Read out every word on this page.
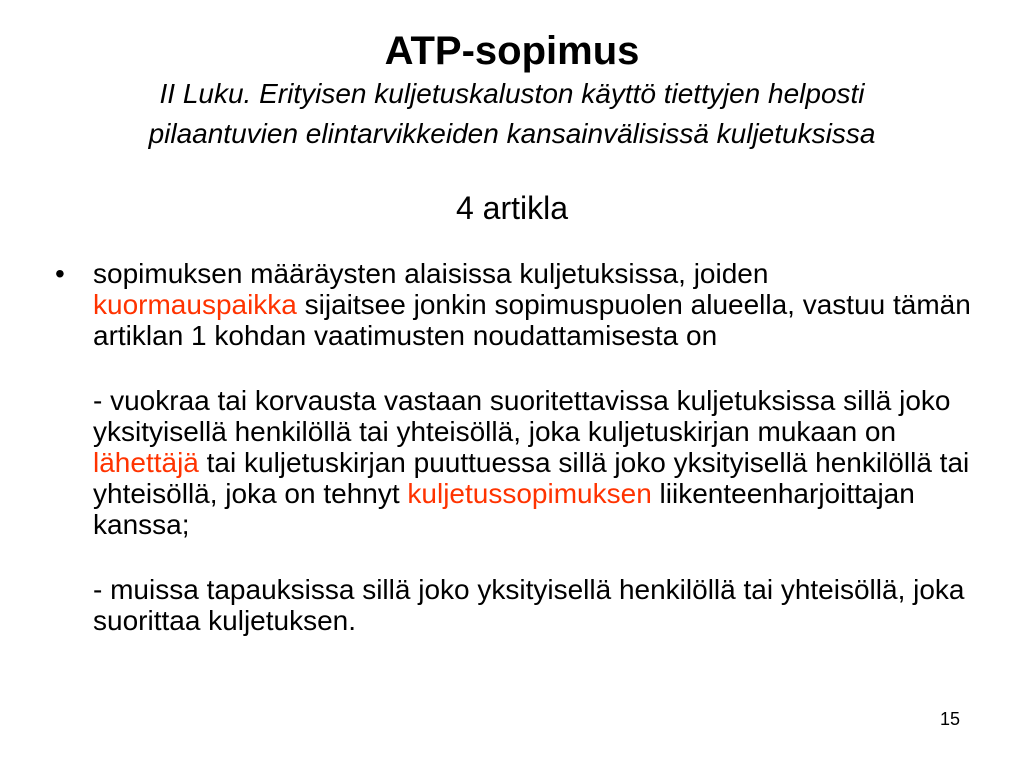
ATP-sopimus

II Luku. Erityisen kuljetuskaluston käyttö tiettyjen helposti

pilaantuvien elintarvikkeiden kansainvälisissä kuljetuksissa

4 artikla
• sopimuksen määräysten alaisissa kuljetuksissa, joiden kuormauspaikka sijaitsee jonkin sopimuspuolen alueella, vastuu tämän artiklan 1 kohdan vaatimusten noudattamisesta on

- vuokraa tai korvausta vastaan suoritettavissa kuljetuksissa sillä joko yksityisellä henkilöllä tai yhteisöllä, joka kuljetuskirjan mukaan on lähettäjä tai kuljetuskirjan puuttuessa sillä joko yksityisellä henkilöllä tai yhteisöllä, joka on tehnyt kuljetussopimuksen liikenteenharjoittajan kanssa;

- muissa tapauksissa sillä joko yksityisellä henkilöllä tai yhteisöllä, joka suorittaa kuljetuksen.

15
